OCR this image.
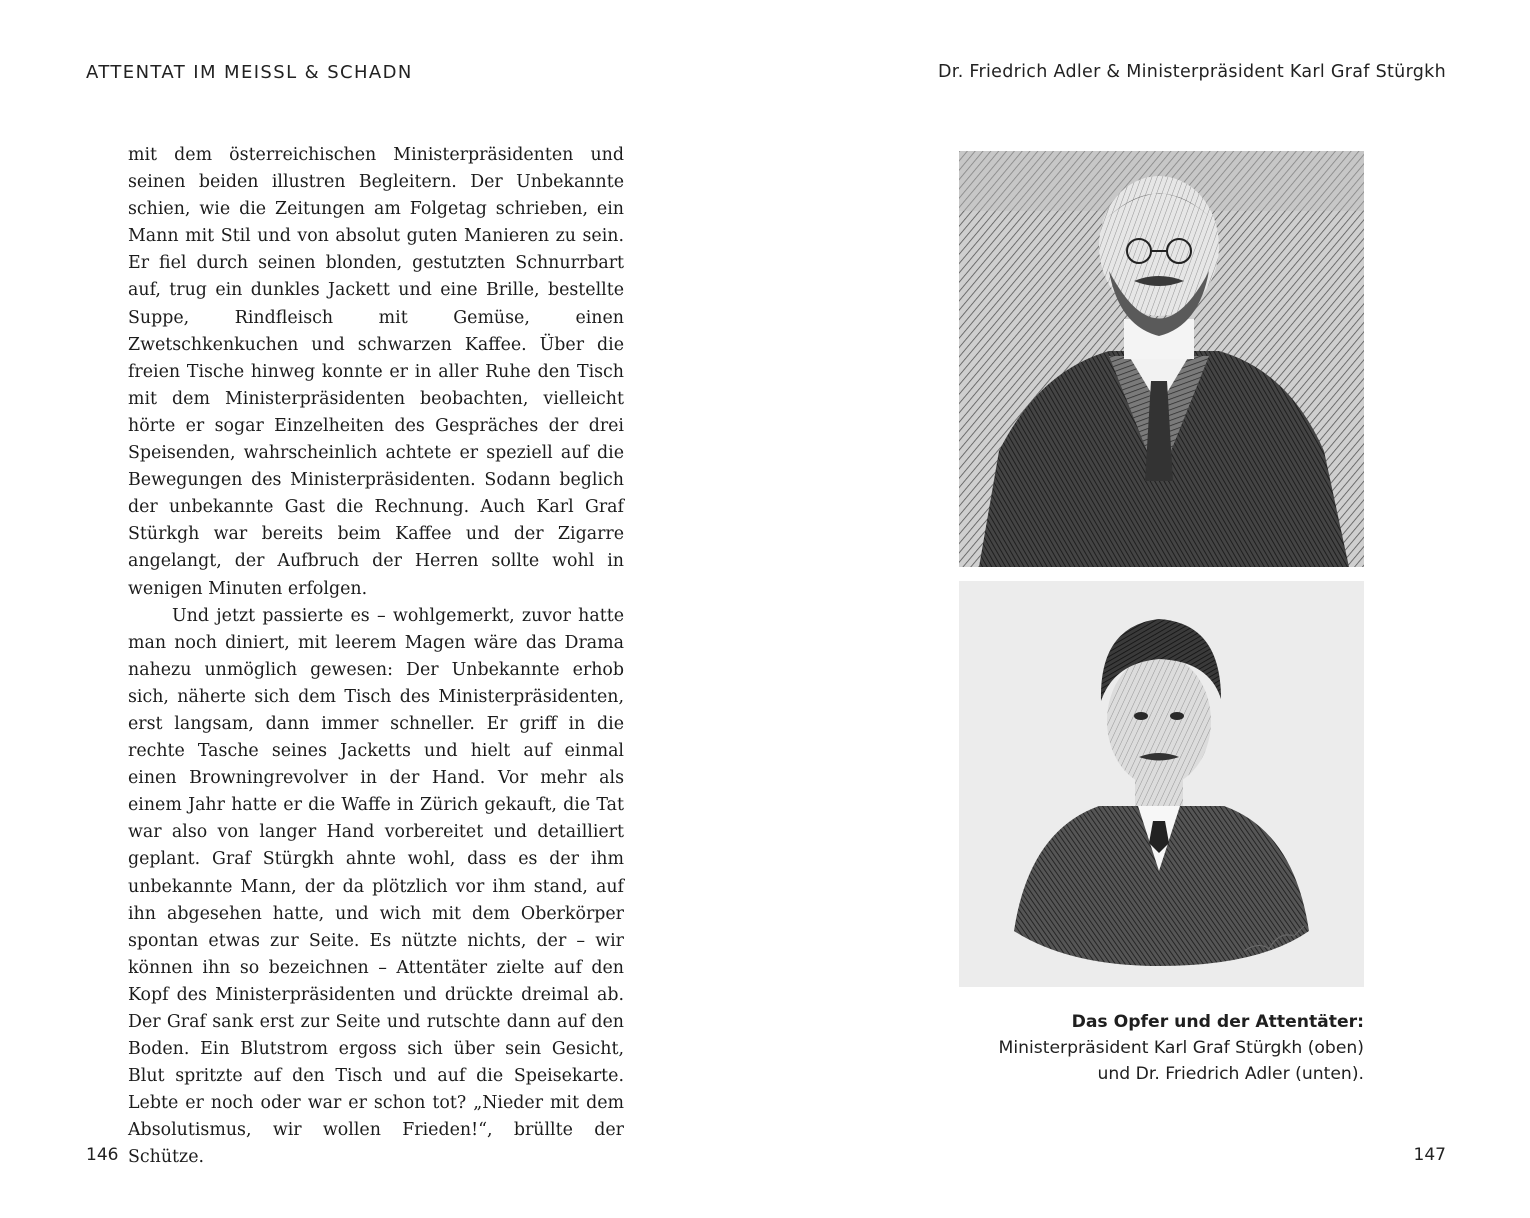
ATTENTAT IM MEISSL & SCHADN

mit dem österreichischen Ministerpräsidenten und seinen beiden illustren Begleitern. Der Unbekannte schien, wie die Zeitungen am Folgetag schrieben, ein Mann mit Stil und von absolut guten Manieren zu sein. Er fiel durch seinen blonden, gestutzten Schnurrbart auf, trug ein dunkles Jackett und eine Brille, bestellte Suppe, Rindfleisch mit Gemüse, einen Zwetschkenkuchen und schwarzen Kaffee. Über die freien Tische hinweg konnte er in aller Ruhe den Tisch mit dem Ministerpräsidenten beobachten, vielleicht hörte er sogar Einzelheiten des Gespräches der drei Speisenden, wahrscheinlich achtete er speziell auf die Bewegungen des Ministerpräsidenten. Sodann beglich der unbekannte Gast die Rechnung. Auch Karl Graf Stürkgh war bereits beim Kaffee und der Zigarre angelangt, der Aufbruch der Herren sollte wohl in wenigen Minuten erfolgen.

Und jetzt passierte es – wohlgemerkt, zuvor hatte man noch diniert, mit leerem Magen wäre das Drama nahezu unmöglich gewesen: Der Unbekannte erhob sich, näherte sich dem Tisch des Ministerpräsidenten, erst langsam, dann immer schneller. Er griff in die rechte Tasche seines Jacketts und hielt auf einmal einen Browningrevolver in der Hand. Vor mehr als einem Jahr hatte er die Waffe in Zürich gekauft, die Tat war also von langer Hand vorbereitet und detailliert geplant. Graf Stürgkh ahnte wohl, dass es der ihm unbekannte Mann, der da plötzlich vor ihm stand, auf ihn abgesehen hatte, und wich mit dem Oberkörper spontan etwas zur Seite. Es nützte nichts, der – wir können ihn so bezeichnen – Attentäter zielte auf den Kopf des Ministerpräsidenten und drückte dreimal ab. Der Graf sank erst zur Seite und rutschte dann auf den Boden. Ein Blutstrom ergoss sich über sein Gesicht, Blut spritzte auf den Tisch und auf die Speisekarte. Lebte er noch oder war er schon tot? „Nieder mit dem Absolutismus, wir wollen Frieden!“, brüllte der Schütze.

146
Dr. Friedrich Adler & Ministerpräsident Karl Graf Stürgkh
Das Opfer und der Attentäter:
Ministerpräsident Karl Graf Stürgkh (oben)
und Dr. Friedrich Adler (unten).
147
